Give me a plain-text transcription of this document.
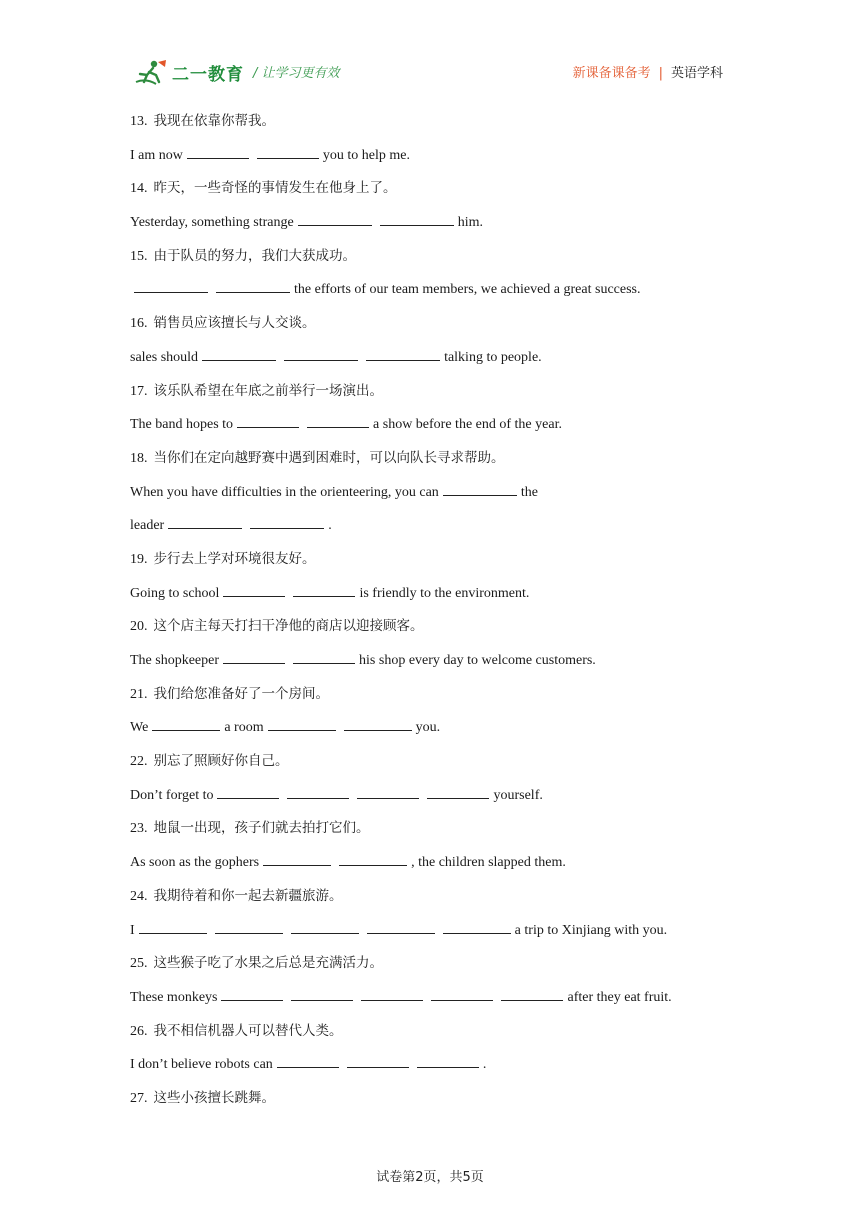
二一教育 / 让学习更有效	新课备课备考 | 英语学科
13. 我现在依靠你帮我。
I am now	you to help me.
14. 昨天，一些奇怪的事情发生在他身上了。
Yesterday, something strange	him.
15. 由于队员的努力，我们大获成功。
the efforts of our team members, we achieved a great success.
16. 销售员应该擅长与人交谈。
sales should	talking to people.
17. 该乐队希望在年底之前举行一场演出。
The band hopes to	a show before the end of the year.
18. 当你们在定向越野赛中遇到困难时，可以向队长寻求帮助。
When you have difficulties in the orienteering, you can	the
leader	.
19. 步行去上学对环境很友好。
Going to school	is friendly to the environment.
20. 这个店主每天打扫干净他的商店以迎接顾客。
The shopkeeper	his shop every day to welcome customers.
21. 我们给您准备好了一个房间。
We	a room	you.
22. 别忘了照顾好你自己。
Don’t forget to	yourself.
23. 地鼠一出现，孩子们就去拍打它们。
As soon as the gophers	, the children slapped them.
24. 我期待着和你一起去新疆旅游。
I	a trip to Xinjiang with you.
25. 这些猴子吃了水果之后总是充满活力。
These monkeys	after they eat fruit.
26. 我不相信机器人可以替代人类。
I don’t believe robots can	.
27. 这些小孩擅长跳舞。
试卷第2页，共5页
